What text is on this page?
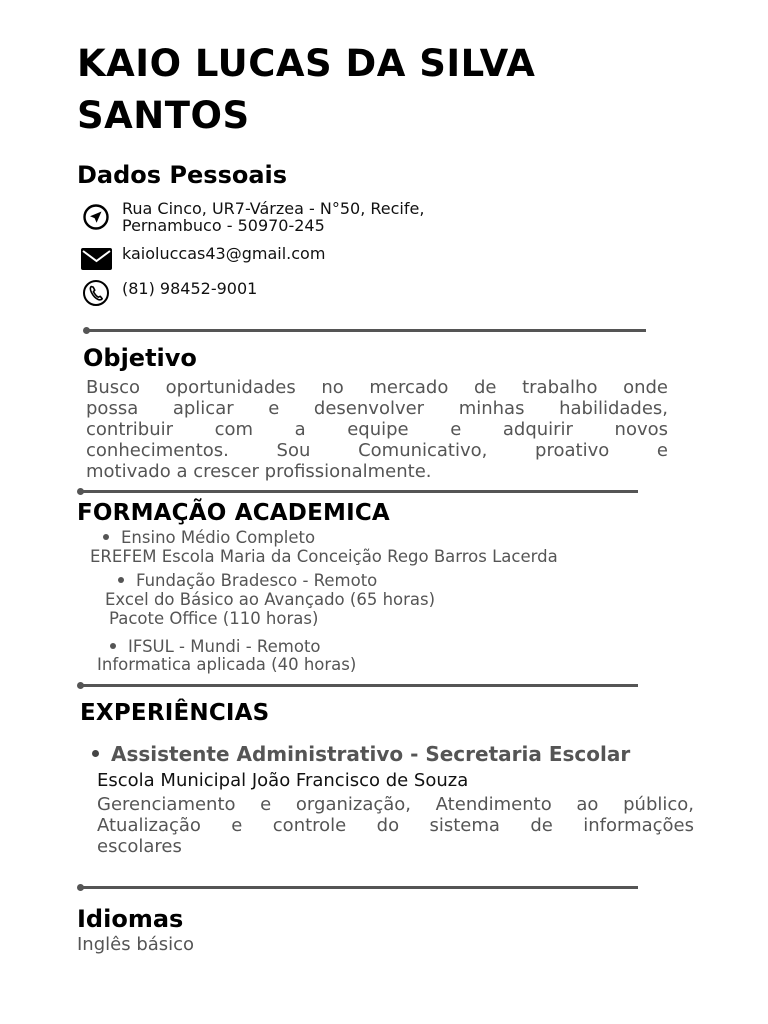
KAIO LUCAS DA SILVA
SANTOS
Dados Pessoais
Rua Cinco, UR7-Várzea - N°50, Recife,
Pernambuco - 50970-245
kaioluccas43@gmail.com
(81) 98452-9001
Objetivo
Busco oportunidades no mercado de trabalho onde
possa aplicar e desenvolver minhas habilidades,
contribuir com a equipe e adquirir novos
conhecimentos. Sou Comunicativo, proativo e
motivado a crescer profissionalmente.
FORMAÇÃO ACADEMICA
Ensino Médio Completo
EREFEM Escola Maria da Conceição Rego Barros Lacerda
Fundação Bradesco - Remoto
Excel do Básico ao Avançado (65 horas)
Pacote Office (110 horas)
IFSUL - Mundi - Remoto
Informatica aplicada (40 horas)
EXPERIÊNCIAS
Assistente Administrativo - Secretaria Escolar
Escola Municipal João Francisco de Souza
Gerenciamento e organização, Atendimento ao público,
Atualização e controle do sistema de informações
escolares
Idiomas
Inglês básico
